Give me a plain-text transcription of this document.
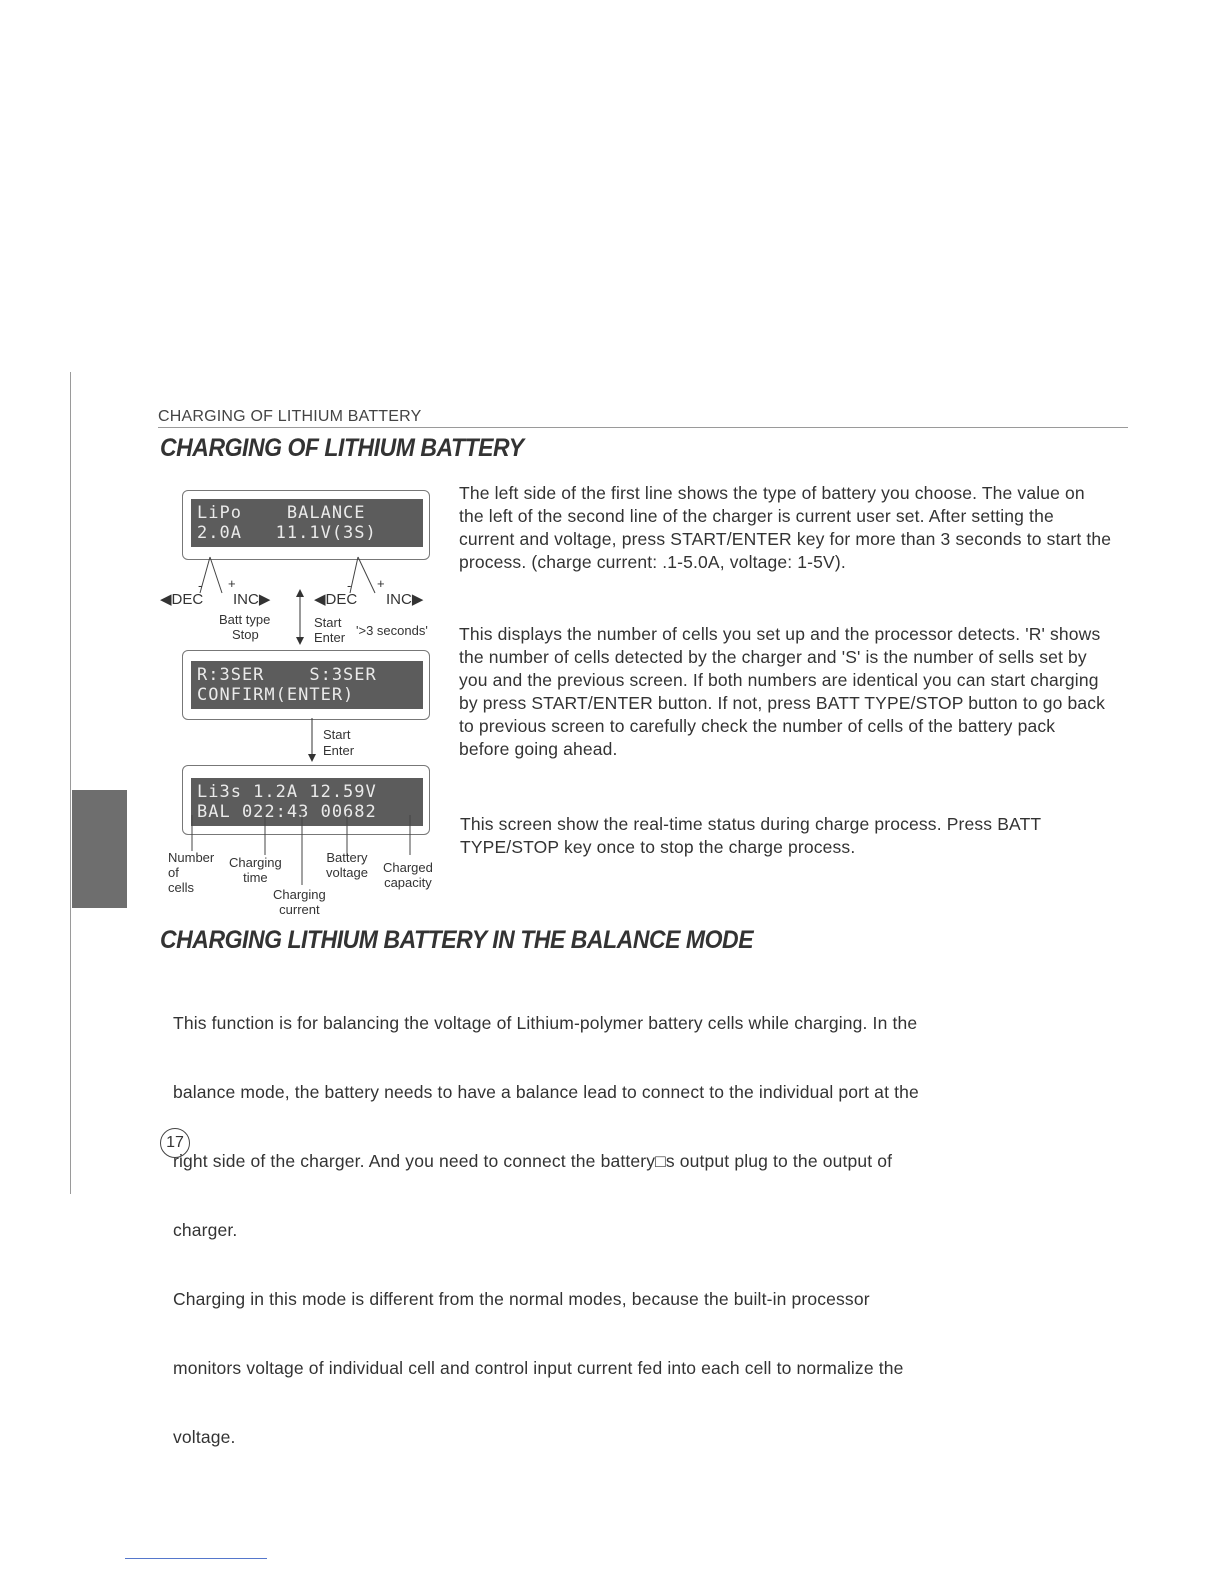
CHARGING OF LITHIUM BATTERY
CHARGING OF LITHIUM BATTERY
LiPo    BALANCE
2.0A   11.1V(3S)
- +	- +
◀DEC INC▶	◀DEC INC▶
Batt type
Stop
Start
Enter '>3 seconds'
R:3SER    S:3SER
CONFIRM(ENTER)
Start
Enter
Li3s 1.2A 12.59V
BAL 022:43 00682
Number
of
cells
Charging
time
Charging
current
Battery
voltage Charged
capacity
The left side of the first line shows the type of battery you choose. The value on the left of the second line of the charger is current user set. After setting the current and voltage, press START/ENTER key for more than 3 seconds to start the process. (charge current: .1-5.0A, voltage: 1-5V).
This displays the number of cells you set up and the processor detects. 'R' shows the number of cells detected by the charger and 'S' is the number of sells set by you and the previous screen. If both numbers are identical you can start charging by press START/ENTER button. If not, press BATT TYPE/STOP button to go back to previous screen to carefully check the number of cells of the battery pack before going ahead.
This screen show the real-time status during charge process. Press BATT TYPE/STOP key once to stop the charge process.
CHARGING LITHIUM BATTERY IN THE BALANCE MODE

This function is for balancing the voltage of Lithium-polymer battery cells while charging. In the

balance mode, the battery needs to have a balance lead to connect to the individual port at the

right side of the charger. And you need to connect the battery□s output plug to the output of

charger.

Charging in this mode is different from the normal modes, because the built-in processor

monitors voltage of individual cell and control input current fed into each cell to normalize the

voltage.

17
